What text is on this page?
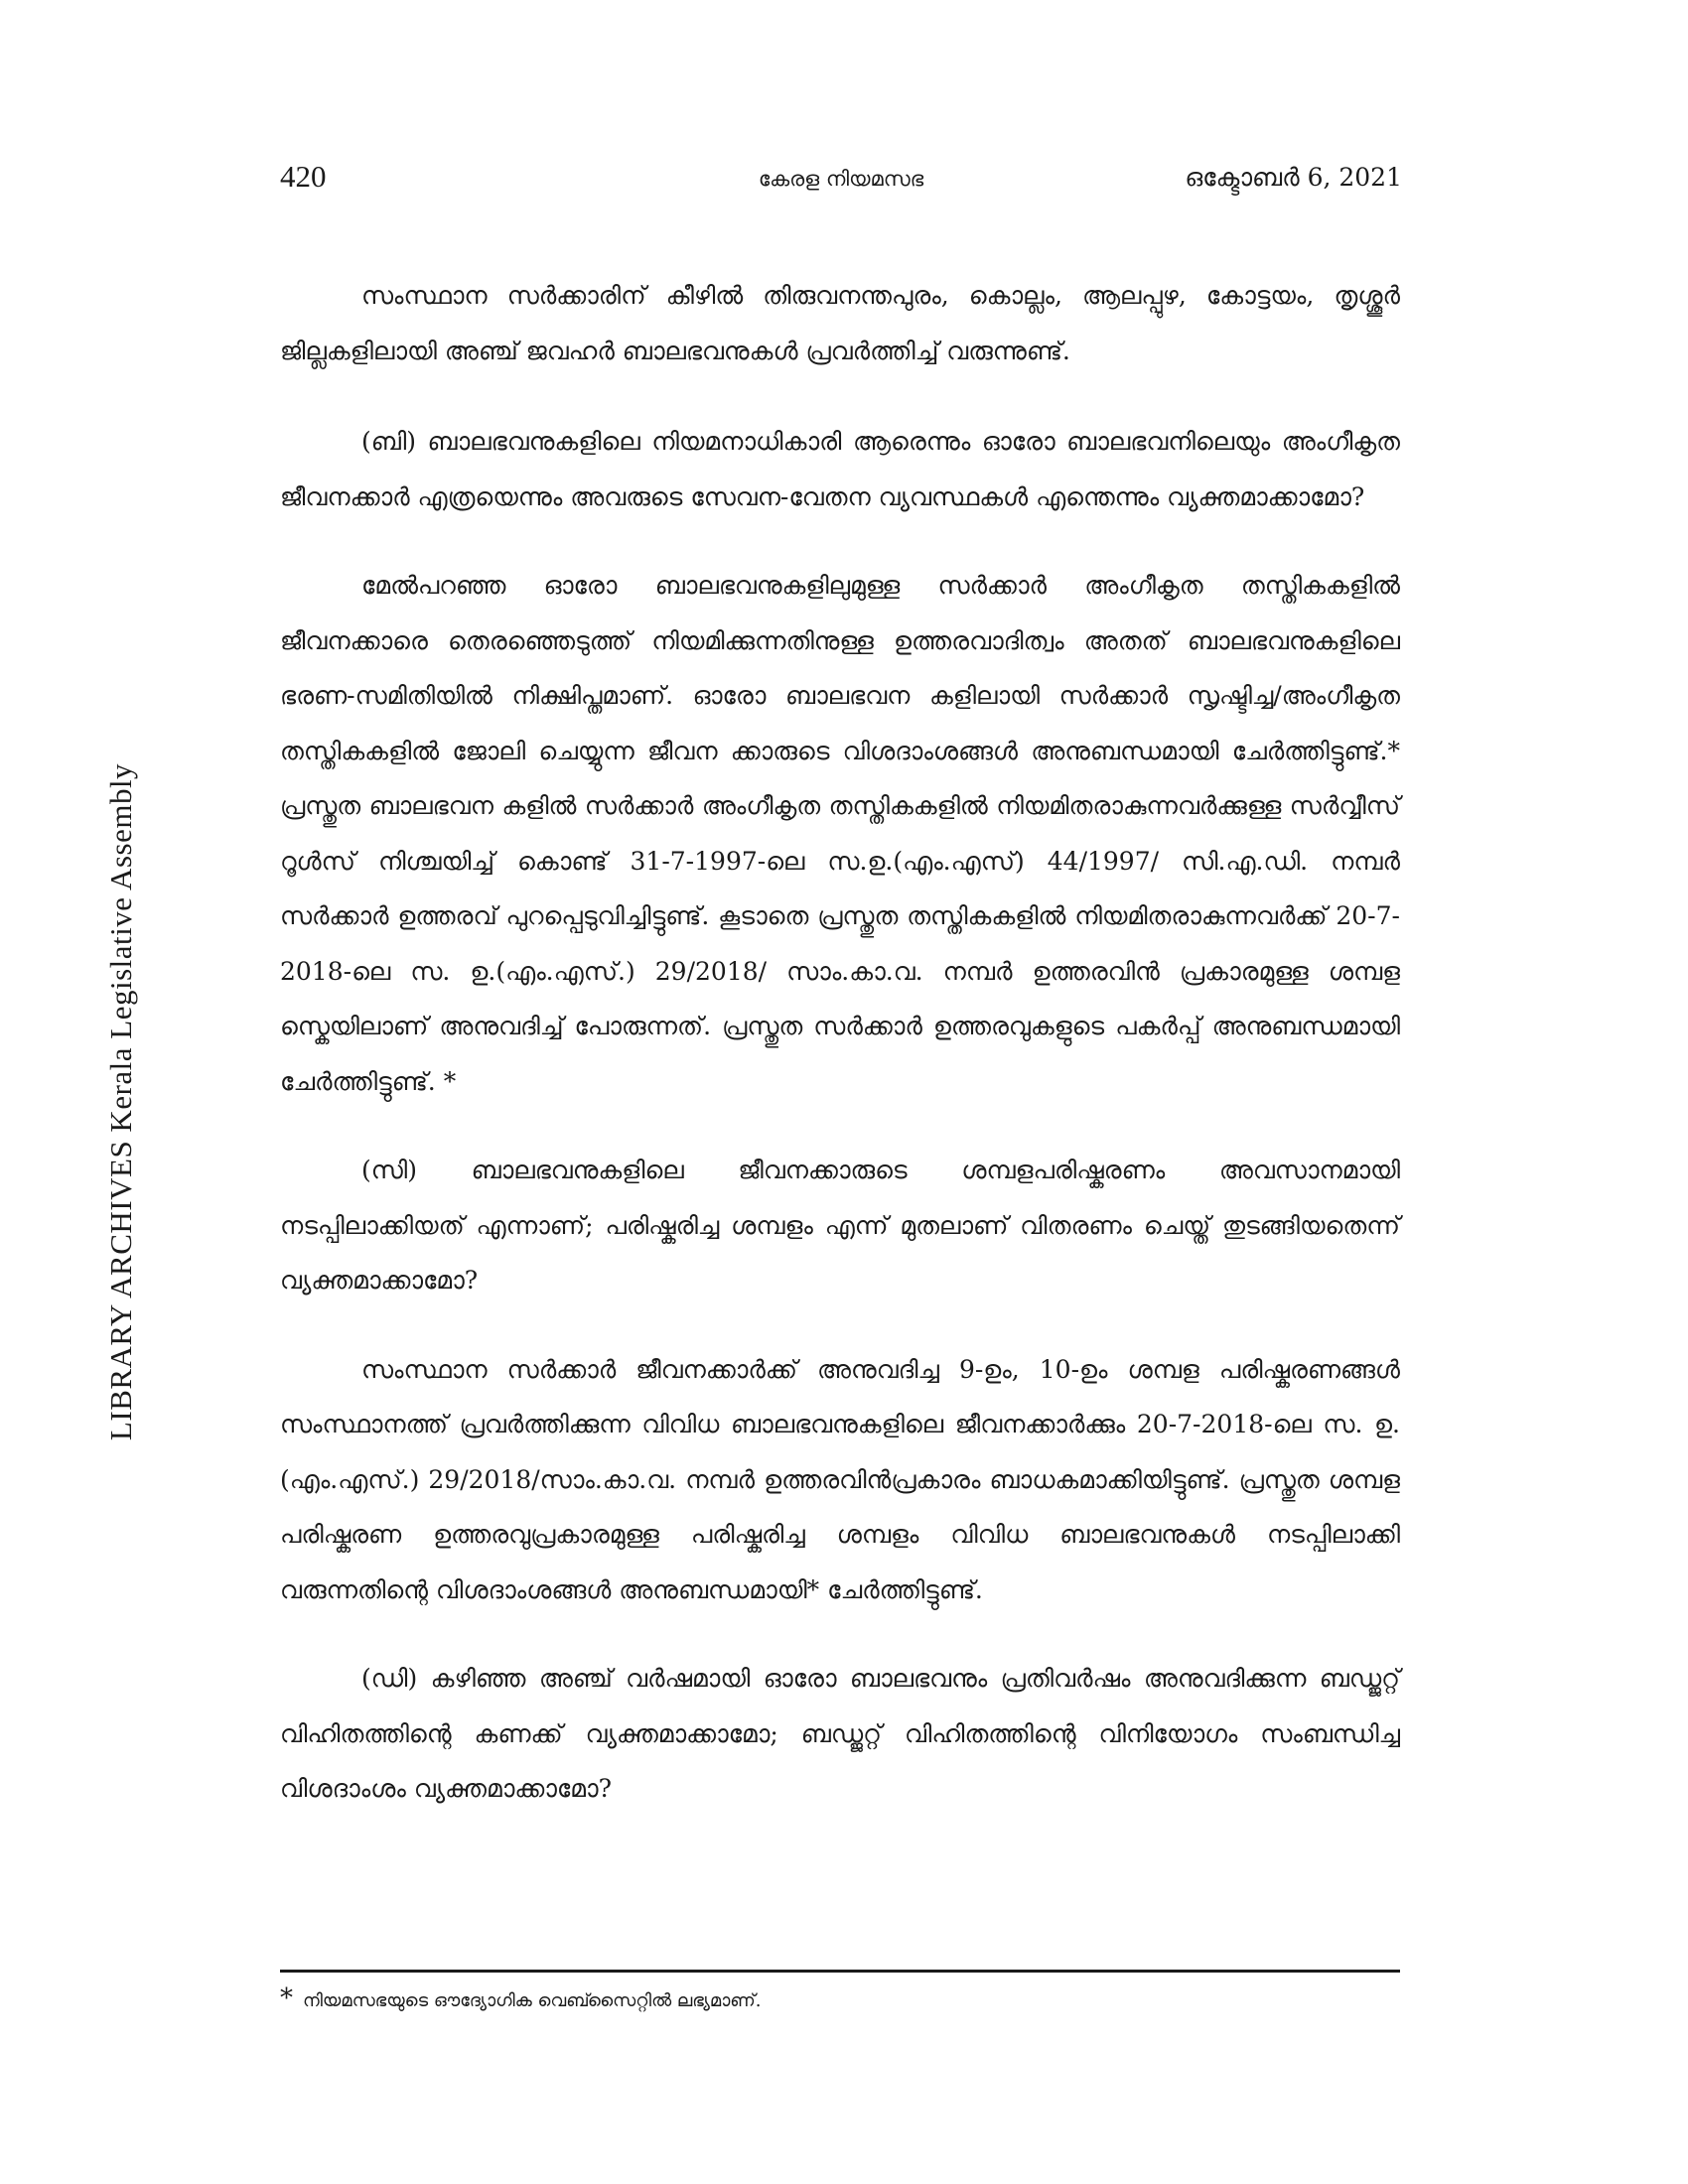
LIBRARY ARCHIVES Kerala Legislative Assembly
420	കേരള നിയമസഭ	ഒക്ടോബർ 6, 2021

സംസ്ഥാന സർക്കാരിന് കീഴിൽ തിരുവനന്തപുരം, കൊല്ലം, ആലപ്പുഴ, കോട്ടയം, തൃശ്ശൂർ ജില്ലകളിലായി അഞ്ച് ജവഹർ ബാലഭവനുകൾ പ്രവർത്തിച്ച് വരുന്നുണ്ട്.

(ബി) ബാലഭവനുകളിലെ നിയമനാധികാരി ആരെന്നും ഓരോ ബാലഭവനിലെയും അംഗീകൃത ജീവനക്കാർ എത്രയെന്നും അവരുടെ സേവന-വേതന വ്യവസ്ഥകൾ എന്തെന്നും വ്യക്തമാക്കാമോ?

മേൽപറഞ്ഞ ഓരോ ബാലഭവനുകളിലുമുള്ള സർക്കാർ അംഗീകൃത തസ്തികകളിൽ ജീവനക്കാരെ തെരഞ്ഞെടുത്ത് നിയമിക്കുന്നതിനുള്ള ഉത്തരവാദിത്വം അതത് ബാലഭവനുകളിലെ ഭരണ-സമിതിയിൽ നിക്ഷിപ്തമാണ്. ഓരോ ബാലഭവന കളിലായി സർക്കാർ സൃഷ്ടിച്ച/അംഗീകൃത തസ്തികകളിൽ ജോലി ചെയ്യുന്ന ജീവന ക്കാരുടെ വിശദാംശങ്ങൾ അനുബന്ധമായി ചേർത്തിട്ടുണ്ട്.* പ്രസ്തുത ബാലഭവന കളിൽ സർക്കാർ അംഗീകൃത തസ്തികകളിൽ നിയമിതരാകുന്നവർക്കുള്ള സർവ്വീസ് റൂൾസ് നിശ്ചയിച്ച് കൊണ്ട് 31-7-1997-ലെ സ.ഉ.(എം.എസ്) 44/1997/ സി.എ.ഡി. നമ്പർ സർക്കാർ ഉത്തരവ് പുറപ്പെടുവിച്ചിട്ടുണ്ട്. കൂടാതെ പ്രസ്തുത തസ്തികകളിൽ നിയമിതരാകുന്നവർക്ക് 20-7-2018-ലെ സ. ഉ.(എം.എസ്.) 29/2018/ സാം.കാ.വ. നമ്പർ ഉത്തരവിൻ പ്രകാരമുള്ള ശമ്പള സ്കെയിലാണ് അനുവദിച്ച് പോരുന്നത്. പ്രസ്തുത സർക്കാർ ഉത്തരവുകളുടെ പകർപ്പ് അനുബന്ധമായി ചേർത്തിട്ടുണ്ട്. *

(സി) ബാലഭവനുകളിലെ ജീവനക്കാരുടെ ശമ്പളപരിഷ്കരണം അവസാനമായി നടപ്പിലാക്കിയത് എന്നാണ്; പരിഷ്കരിച്ച ശമ്പളം എന്ന് മുതലാണ് വിതരണം ചെയ്ത് തുടങ്ങിയതെന്ന് വ്യക്തമാക്കാമോ?

സംസ്ഥാന സർക്കാർ ജീവനക്കാർക്ക് അനുവദിച്ച 9-ഉം, 10-ഉം ശമ്പള പരിഷ്കരണങ്ങൾ സംസ്ഥാനത്ത് പ്രവർത്തിക്കുന്ന വിവിധ ബാലഭവനുകളിലെ ജീവനക്കാർക്കും 20-7-2018-ലെ സ. ഉ.(എം.എസ്.) 29/2018/സാം.കാ.വ. നമ്പർ ഉത്തരവിൻപ്രകാരം ബാധകമാക്കിയിട്ടുണ്ട്. പ്രസ്തുത ശമ്പള പരിഷ്കരണ ഉത്തരവുപ്രകാരമുള്ള പരിഷ്കരിച്ച ശമ്പളം വിവിധ ബാലഭവനുകൾ നടപ്പിലാക്കി വരുന്നതിന്റെ വിശദാംശങ്ങൾ അനുബന്ധമായി* ചേർത്തിട്ടുണ്ട്.

(ഡി) കഴിഞ്ഞ അഞ്ച് വർഷമായി ഓരോ ബാലഭവനും പ്രതിവർഷം അനുവദിക്കുന്ന ബഡ്ജറ്റ് വിഹിതത്തിന്റെ കണക്ക് വ്യക്തമാക്കാമോ; ബഡ്ജറ്റ് വിഹിതത്തിന്റെ വിനിയോഗം സംബന്ധിച്ച വിശദാംശം വ്യക്തമാക്കാമോ?

* നിയമസഭയുടെ ഔദ്യോഗിക വെബ്സൈറ്റിൽ ലഭ്യമാണ്.
